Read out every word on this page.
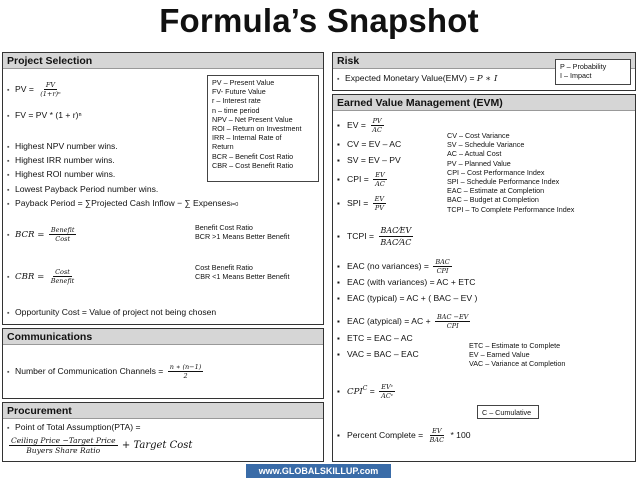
Formula’s Snapshot
Project Selection
▪ PV = $\frac{FV}{\text{(1+r)ⁿ}}$
▪ FV = PV * (1 + r)ⁿ
▪ Highest NPV number wins.
▪ Highest IRR number wins.
▪ Highest ROI number wins.
▪ Lowest Payback Period number wins.
▪ Payback Period = ∑Projected Cash Inflow − ∑ Expensesi=0
▪ BCR = $\frac{\text{Benefit}}{\text{Cost}}$
▪ CBR = $\frac{\text{Cost}}{\text{Benefit}}$
▪ Opportunity Cost = Value of project not being chosen
PV – Present Value
FV- Future Value
r – Interest rate
n – time period
NPV – Net Present Value
ROI – Return on Investment
IRR – Internal Rate of
Return
BCR – Benefit Cost Ratio
CBR – Cost Benefit Ratio
Benefit Cost Ratio
BCR >1 Means Better Benefit
Cost Benefit Ratio
CBR <1 Means Better Benefit
Communications
▪ Number of Communication Channels = $\frac{n ∗ (n-1)}{2}$
Procurement
▪ Point of Total Assumption(PTA) =
$\frac{\text{Ceiling Price −Target Price}}{\text{Buyers Share Ratio}}$ + Target Cost
Risk
▪ Expected Monetary Value(EMV) = P ∗ I
P – Probability
I – Impact
Earned Value Management (EVM)
▪ EV = $\frac{PV}{AC}$
▪ CV = EV – AC
▪ SV = EV – PV
▪ CPI = $\frac{EV}{AC}$
▪ SPI = $\frac{EV}{PV}$
▪ TCPI = $\frac{\text{BAC⁄EV}}{\text{BAC⁄AC}}$
▪ EAC (no variances) = $\frac{\text{BAC}}{\text{CPI}}$
▪ EAC (with variances) = AC + ETC
▪ EAC (typical) = AC + ( BAC – EV )
▪ EAC (atypical) = AC + $\frac{\text{BAC −EV}}{\text{CPI}}$
▪ ETC = EAC – AC
▪ VAC = BAC – EAC
▪ $CPI^C = \frac{\text{EVᶜ}}{\text{ACᶜ}}$
▪ Percent Complete = $\frac{EV}{\text{BAC}} * 100$
CV – Cost Variance
SV – Schedule Variance
AC – Actual Cost
PV – Planned Value
CPI – Cost Performance Index
SPI – Schedule Performance Index
EAC – Estimate at Completion
BAC – Budget at Completion
TCPI – To Complete Performance Index
ETC – Estimate to Complete
EV – Earned Value
VAC – Variance at Completion
C – Cumulative
www.GLOBALSKILLUP.com
